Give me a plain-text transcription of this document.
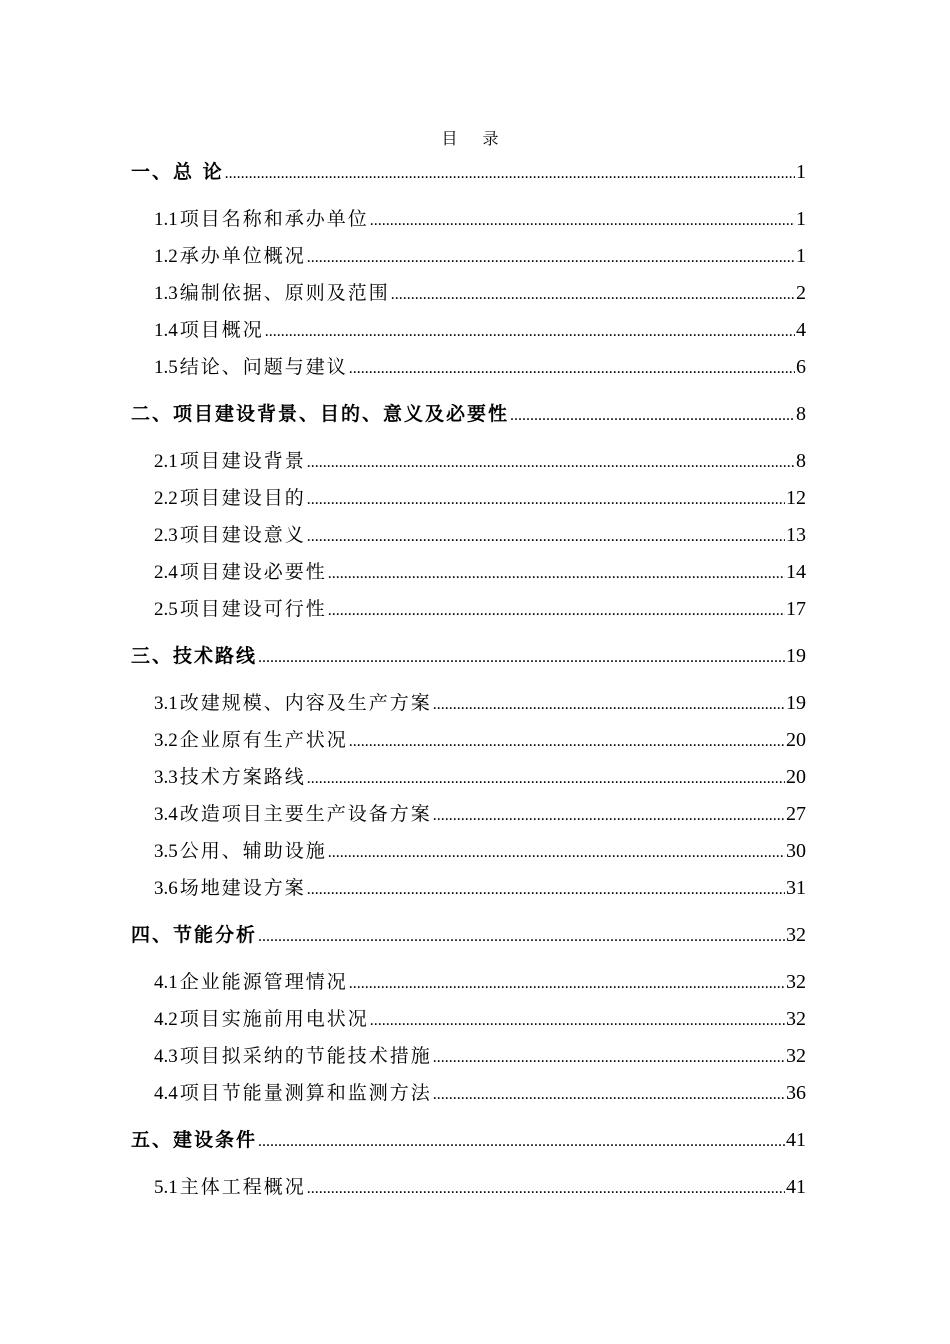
目 录
一、总 论 .....	1
1.1 项目名称和承办单位 .....	1
1.2 承办单位概况 .....	1
1.3 编制依据、原则及范围 .....	2
1.4 项目概况 .....	4
1.5 结论、问题与建议 .....	6
二、项目建设背景、目的、意义及必要性 .....	8
2.1 项目建设背景 .....	8
2.2 项目建设目的 .....	12
2.3 项目建设意义 .....	13
2.4 项目建设必要性 .....	14
2.5 项目建设可行性 .....	17
三、技术路线 .....	19
3.1 改建规模、内容及生产方案 .....	19
3.2 企业原有生产状况 .....	20
3.3 技术方案路线 .....	20
3.4 改造项目主要生产设备方案 .....	27
3.5 公用、辅助设施 .....	30
3.6 场地建设方案 .....	31
四、节能分析 .....	32
4.1 企业能源管理情况 .....	32
4.2 项目实施前用电状况 .....	32
4.3 项目拟采纳的节能技术措施 .....	32
4.4 项目节能量测算和监测方法 .....	36
五、建设条件 .....	41
5.1 主体工程概况 .....	41
